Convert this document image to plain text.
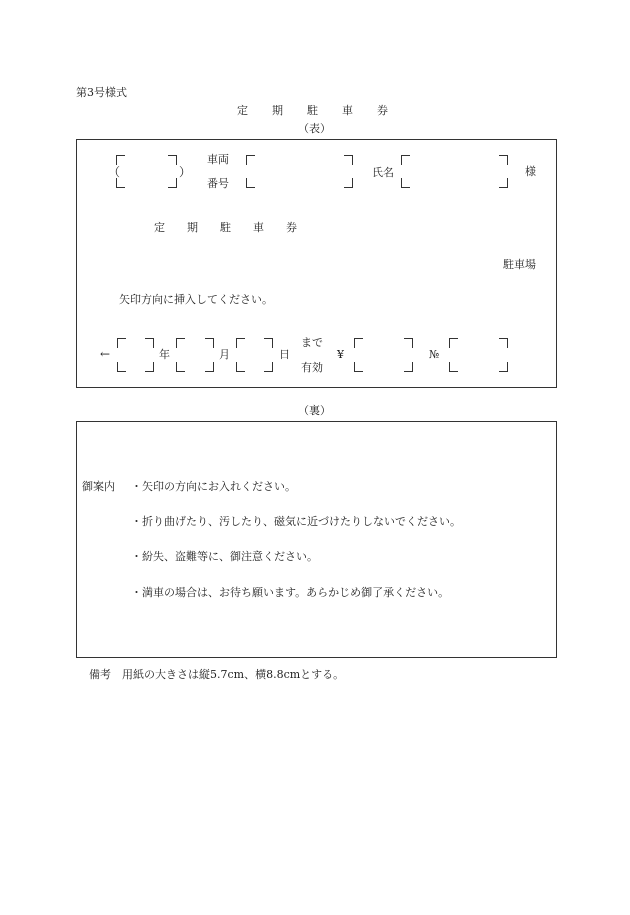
第3号様式
定期駐車券
（表）
（	）
車両
番号
氏名	様
定期駐車券
駐車場
矢印方向に挿入してください。
←	年	月	日
まで
有効
¥	№
（裏）
御案内 ・矢印の方向にお入れください。
・折り曲げたり、汚したり、磁気に近づけたりしないでください。
・紛失、盗難等に、御注意ください。
・満車の場合は、お待ち願います。あらかじめ御了承ください。
備考 用紙の大きさは縦5.7cm、横8.8cmとする。
